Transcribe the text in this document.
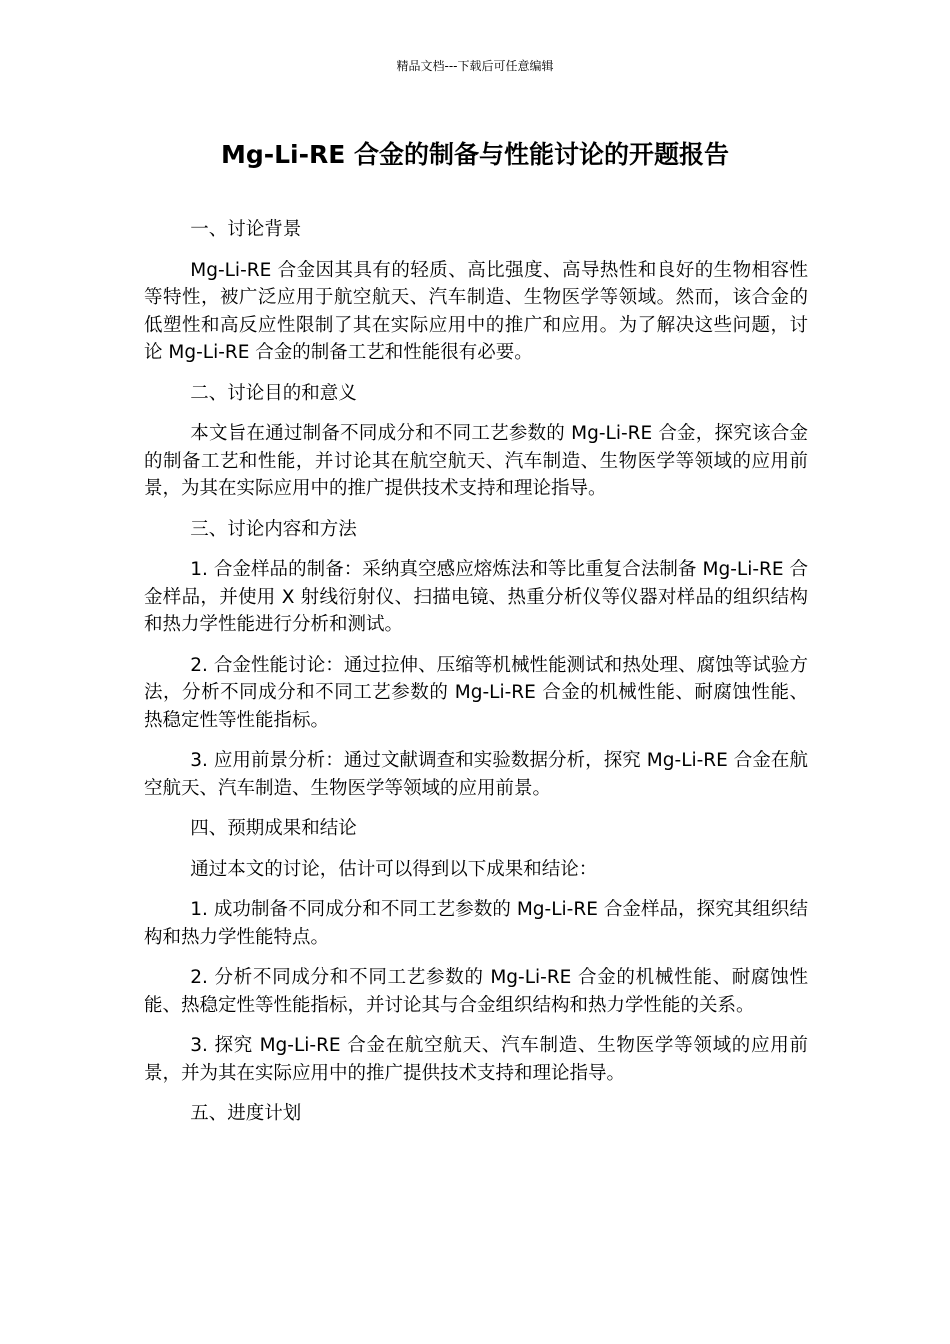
精品文档---下载后可任意编辑
Mg-Li-RE 合金的制备与性能讨论的开题报告

一、讨论背景

Mg-Li-RE 合金因其具有的轻质、高比强度、高导热性和良好的生物相容性等特性，被广泛应用于航空航天、汽车制造、生物医学等领域。然而，该合金的低塑性和高反应性限制了其在实际应用中的推广和应用。为了解决这些问题，讨论 Mg-Li-RE 合金的制备工艺和性能很有必要。

二、讨论目的和意义

本文旨在通过制备不同成分和不同工艺参数的 Mg-Li-RE 合金，探究该合金的制备工艺和性能，并讨论其在航空航天、汽车制造、生物医学等领域的应用前景，为其在实际应用中的推广提供技术支持和理论指导。

三、讨论内容和方法

1. 合金样品的制备：采纳真空感应熔炼法和等比重复合法制备 Mg-Li-RE 合金样品，并使用 X 射线衍射仪、扫描电镜、热重分析仪等仪器对样品的组织结构和热力学性能进行分析和测试。

2. 合金性能讨论：通过拉伸、压缩等机械性能测试和热处理、腐蚀等试验方法，分析不同成分和不同工艺参数的 Mg-Li-RE 合金的机械性能、耐腐蚀性能、热稳定性等性能指标。

3. 应用前景分析：通过文献调查和实验数据分析，探究 Mg-Li-RE 合金在航空航天、汽车制造、生物医学等领域的应用前景。

四、预期成果和结论

通过本文的讨论，估计可以得到以下成果和结论：

1. 成功制备不同成分和不同工艺参数的 Mg-Li-RE 合金样品，探究其组织结构和热力学性能特点。

2. 分析不同成分和不同工艺参数的 Mg-Li-RE 合金的机械性能、耐腐蚀性能、热稳定性等性能指标，并讨论其与合金组织结构和热力学性能的关系。

3. 探究 Mg-Li-RE 合金在航空航天、汽车制造、生物医学等领域的应用前景，并为其在实际应用中的推广提供技术支持和理论指导。

五、进度计划
